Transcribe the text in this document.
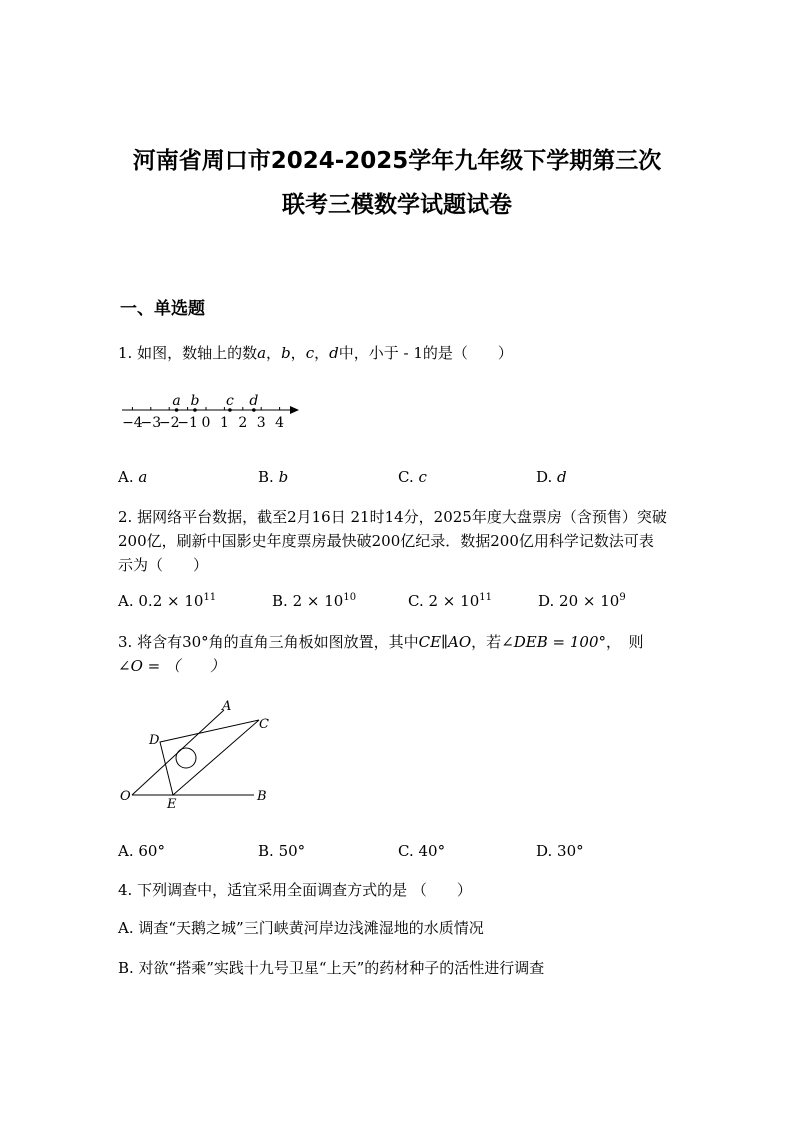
河南省周口市2024-2025学年九年级下学期第三次
联考三模数学试题试卷
一、单选题
1. 如图，数轴上的数a，b，c，d中，小于 - 1的是（　　）
−4
−3
−2
−1 0 1 2 3 4
a b c d
A. a	B. b	C. c	D. d
2. 据网络平台数据，截至2月16日 21时14分，2025年度大盘票房（含预售）突破
200亿，刷新中国影史年度票房最快破200亿纪录．数据200亿用科学记数法可表
示为（　　）
A. $0.2 \times 10^{11}$	B. $2 \times 10^{10}$	C. $2 \times 10^{11}$	D. $20 \times 10^9$
3. 将含有30°角的直角三角板如图放置，其中CE∥AO，若∠DEB = 100°，　则
∠O = （　　）
A
C
D
O
E
B
A. 60°	B. 50°	C. 40°	D. 30°
4. 下列调查中，适宜采用全面调查方式的是 （　　）
A. 调查“天鹅之城”三门峡黄河岸边浅滩湿地的水质情况
B. 对欲“搭乘”实践十九号卫星“上天”的药材种子的活性进行调查
